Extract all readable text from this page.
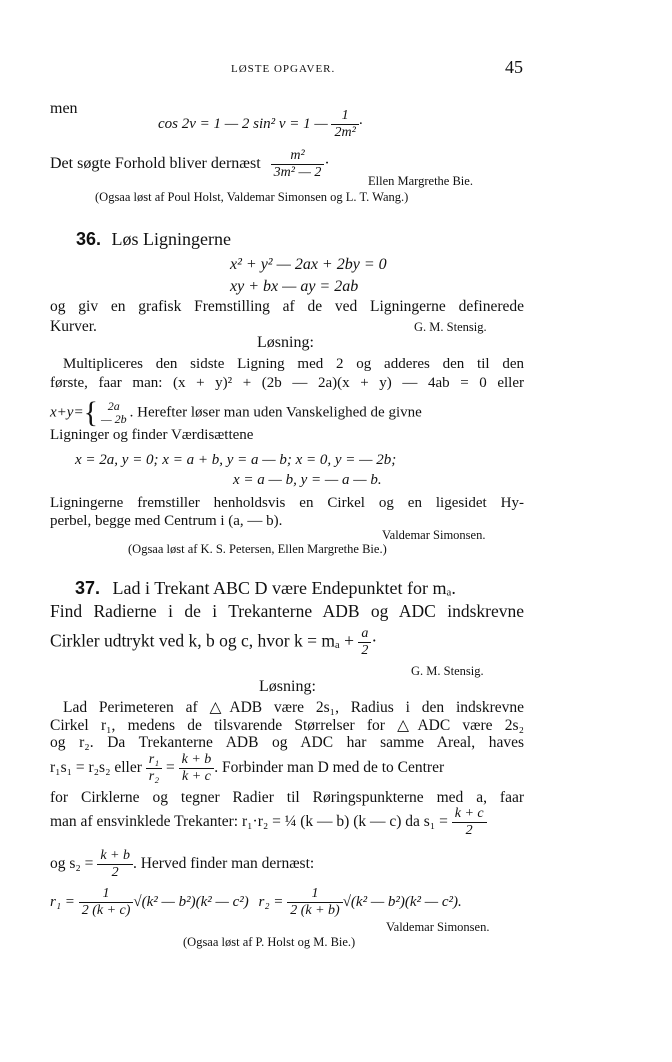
LØSTE OPGAVER.	45
men
cos 2v = 1 — 2 sin² v = 1 — $\frac{1}{\text{2m²}}$ ·
Det søgte Forhold bliver dernæst $\frac{\text{m²}}{\text{3m² — 2}}$ ·
Ellen Margrethe Bie.
(Ogsaa løst af Poul Holst, Valdemar Simonsen og L. T. Wang.)
36. Løs Ligningerne
x² + y² — 2ax + 2by = 0
xy + bx — ay = 2ab
og giv en grafisk Fremstilling af de ved Ligningerne definerede
Kurver.	G. M. Stensig.
Løsning:
Multipliceres den sidste Ligning med 2 og adderes den til den
første, faar man: (x + y)² + (2b — 2a)(x + y) — 4ab = 0 eller
x+y={ 2a
— 2b . Herefter løser man uden Vanskelighed de givne
Ligninger og finder Værdisættene
x = 2a, y = 0; x = a + b, y = a — b; x = 0, y = — 2b;
x = a — b, y = — a — b.
Ligningerne fremstiller henholdsvis en Cirkel og en ligesidet Hy-
perbel, begge med Centrum i (a, — b).
Valdemar Simonsen.
(Ogsaa løst af K. S. Petersen, Ellen Margrethe Bie.)
37. Lad i Trekant ABC D være Endepunktet for mₐ.
Find Radierne i de i Trekanterne ADB og ADC indskrevne
Cirkler udtrykt ved k, b og c, hvor $k = m_a + \frac{a}{2}$ ·
G. M. Stensig.
Løsning:
Lad Perimeteren af △ADB være 2s₁, Radius i den indskrevne
Cirkel r₁, medens de tilsvarende Størrelser for △ADC være 2s₂
og r₂. Da Trekanterne ADB og ADC har samme Areal, haves
r₁s₁ = r₂s₂ eller $\frac{\text{r₁}}{\text{r₂}} = \frac{k + b}{k + c}$ . Forbinder man D med de to Centrer
for Cirklerne og tegner Radier til Røringspunkterne med a, faar
man af ensvinklede Trekanter: r₁·r₂ = ¼ (k — b) (k — c) da $s_1 = \frac{k + c}{2}$
og $s_2 = \frac{k + b}{2}$ . Herved finder man dernæst:
$r_1 = \frac{1}{2 (k + c)} √(k^2$ — b²)(k² — c²) $r_2 = \frac{1}{2 (k + b)} √(k^2$ — b²)(k² — c²).
Valdemar Simonsen.
(Ogsaa løst af P. Holst og M. Bie.)
